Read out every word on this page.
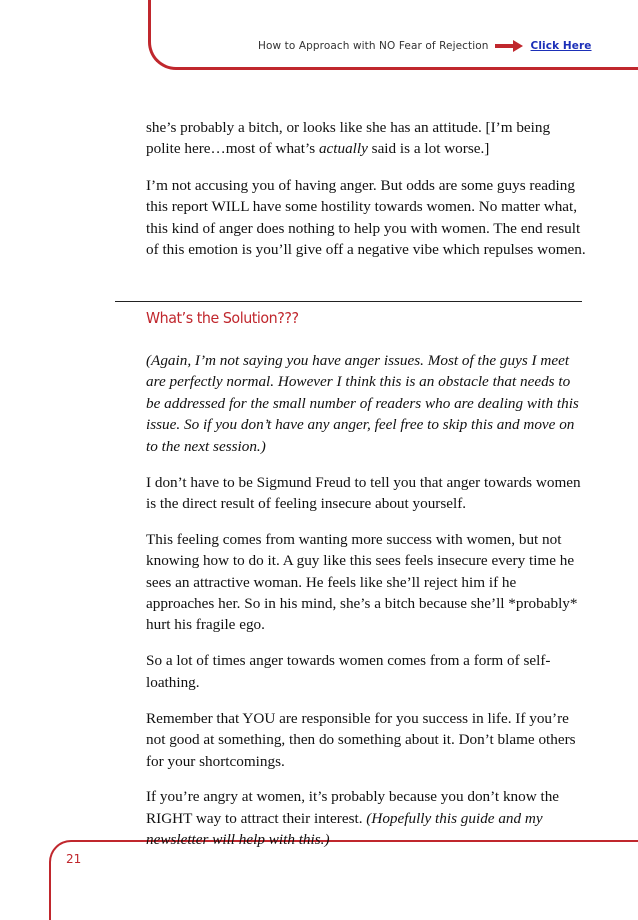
How to Approach with NO Fear of Rejection	Click Here

she’s probably a bitch, or looks like she has an attitude. [I’m being polite here…most of what’s actually said is a lot worse.]

I’m not accusing you of having anger. But odds are some guys reading this report WILL have some hostility towards women. No matter what, this kind of anger does nothing to help you with women. The end result of this emotion is you’ll give off a negative vibe which repulses women.

What’s the Solution???

(Again, I’m not saying you have anger issues. Most of the guys I meet are perfectly normal. However I think this is an obstacle that needs to be addressed for the small number of readers who are dealing with this issue. So if you don’t have any anger, feel free to skip this and move on to the next session.)

I don’t have to be Sigmund Freud to tell you that anger towards women is the direct result of feeling insecure about yourself.

This feeling comes from wanting more success with women, but not knowing how to do it. A guy like this sees feels insecure every time he sees an attractive woman. He feels like she’ll reject him if he approaches her. So in his mind, she’s a bitch because she’ll *probably* hurt his fragile ego.

So a lot of times anger towards women comes from a form of self-loathing.

Remember that YOU are responsible for you success in life. If you’re not good at something, then do something about it. Don’t blame others for your shortcomings.

If you’re angry at women, it’s probably because you don’t know the RIGHT way to attract their interest. (Hopefully this guide and my newsletter will help with this.)

21
